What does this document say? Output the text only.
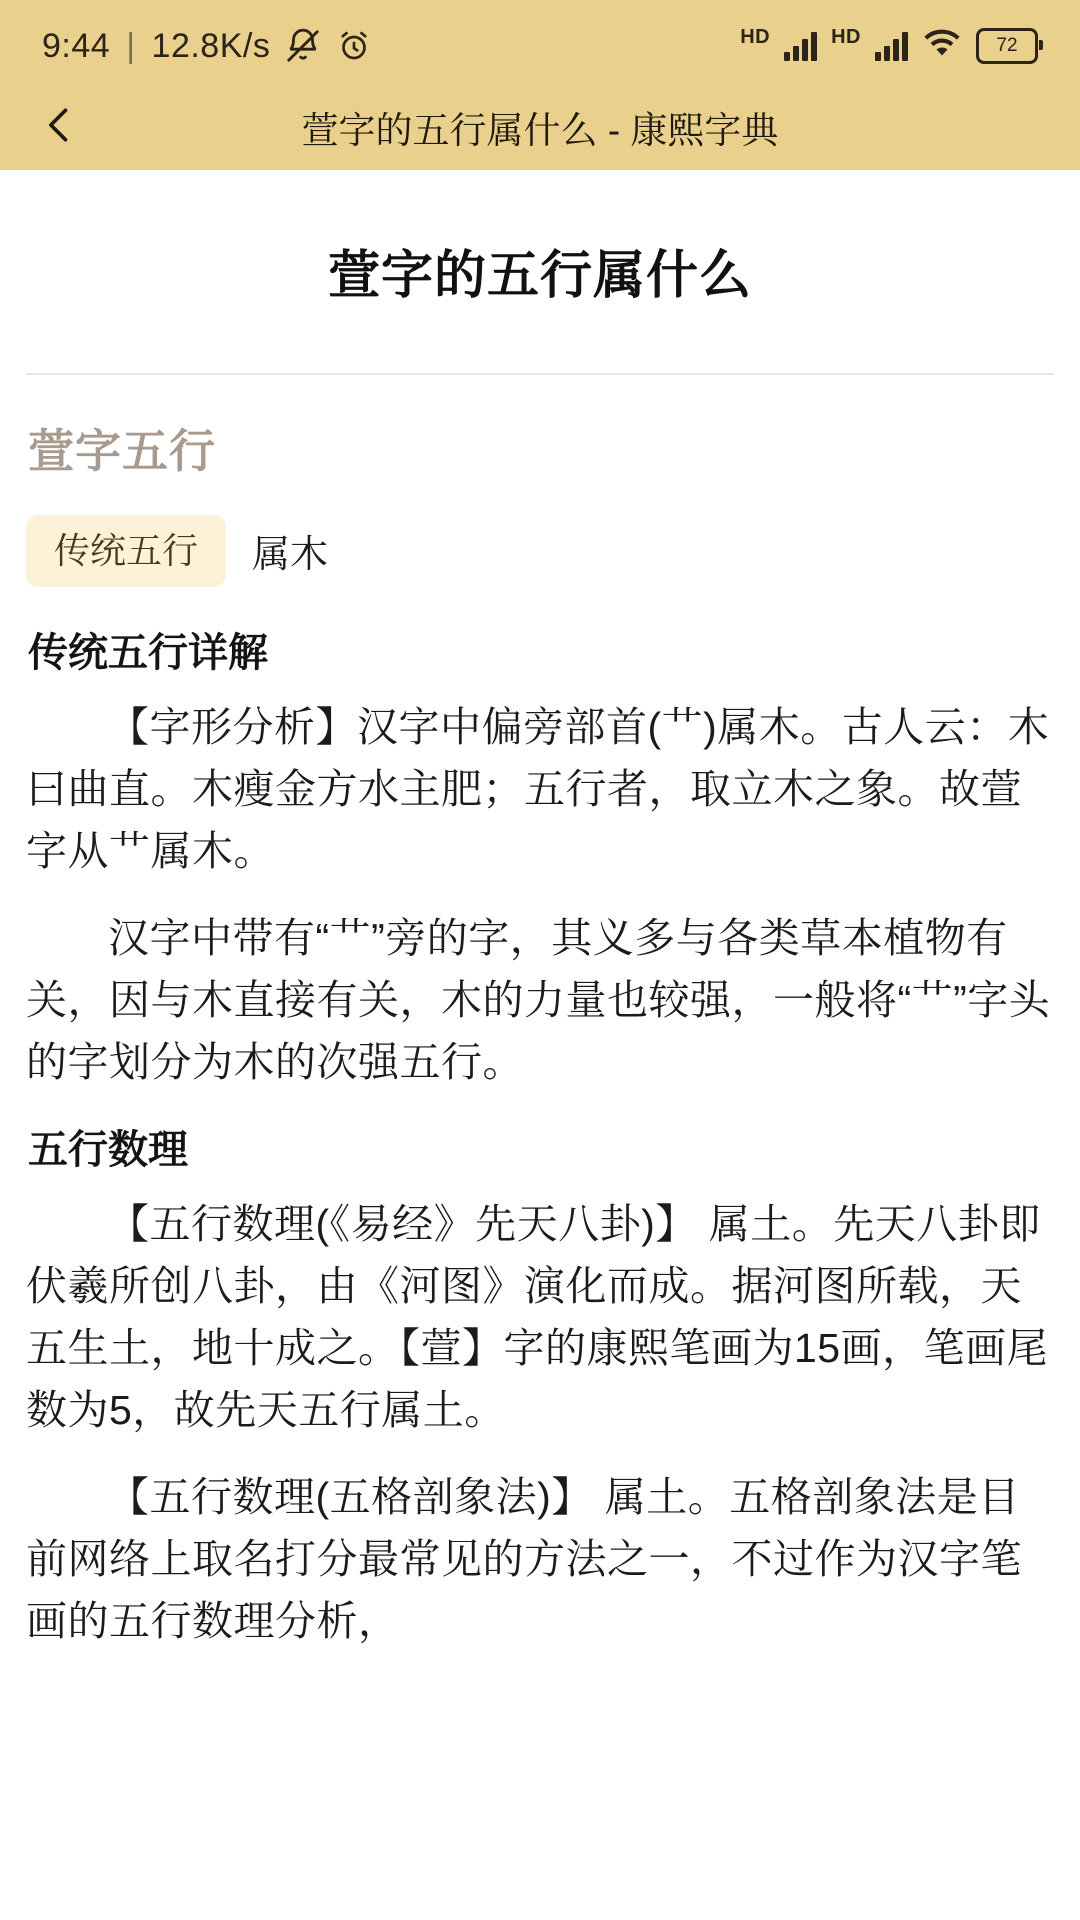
9:44 | 12.8K/s	HD	HD	72
萱字的五行属什么 - 康熙字典
萱字的五行属什么
萱字五行
传统五行	属木
传统五行详解

【字形分析】汉字中偏旁部首(艹)属木。古人云：木曰曲直。木瘦金方水主肥；五行者，取立木之象。故萱字从艹属木。

汉字中带有“艹”旁的字，其义多与各类草本植物有关，因与木直接有关，木的力量也较强，一般将“艹”字头的字划分为木的次强五行。

五行数理

【五行数理(《易经》先天八卦)】 属土。先天八卦即伏羲所创八卦，由《河图》演化而成。据河图所载，天五生土，地十成之。【萱】字的康熙笔画为15画，笔画尾数为5，故先天五行属土。

【五行数理(五格剖象法)】 属土。五格剖象法是目前网络上取名打分最常见的方法之一，不过作为汉字笔画的五行数理分析，
